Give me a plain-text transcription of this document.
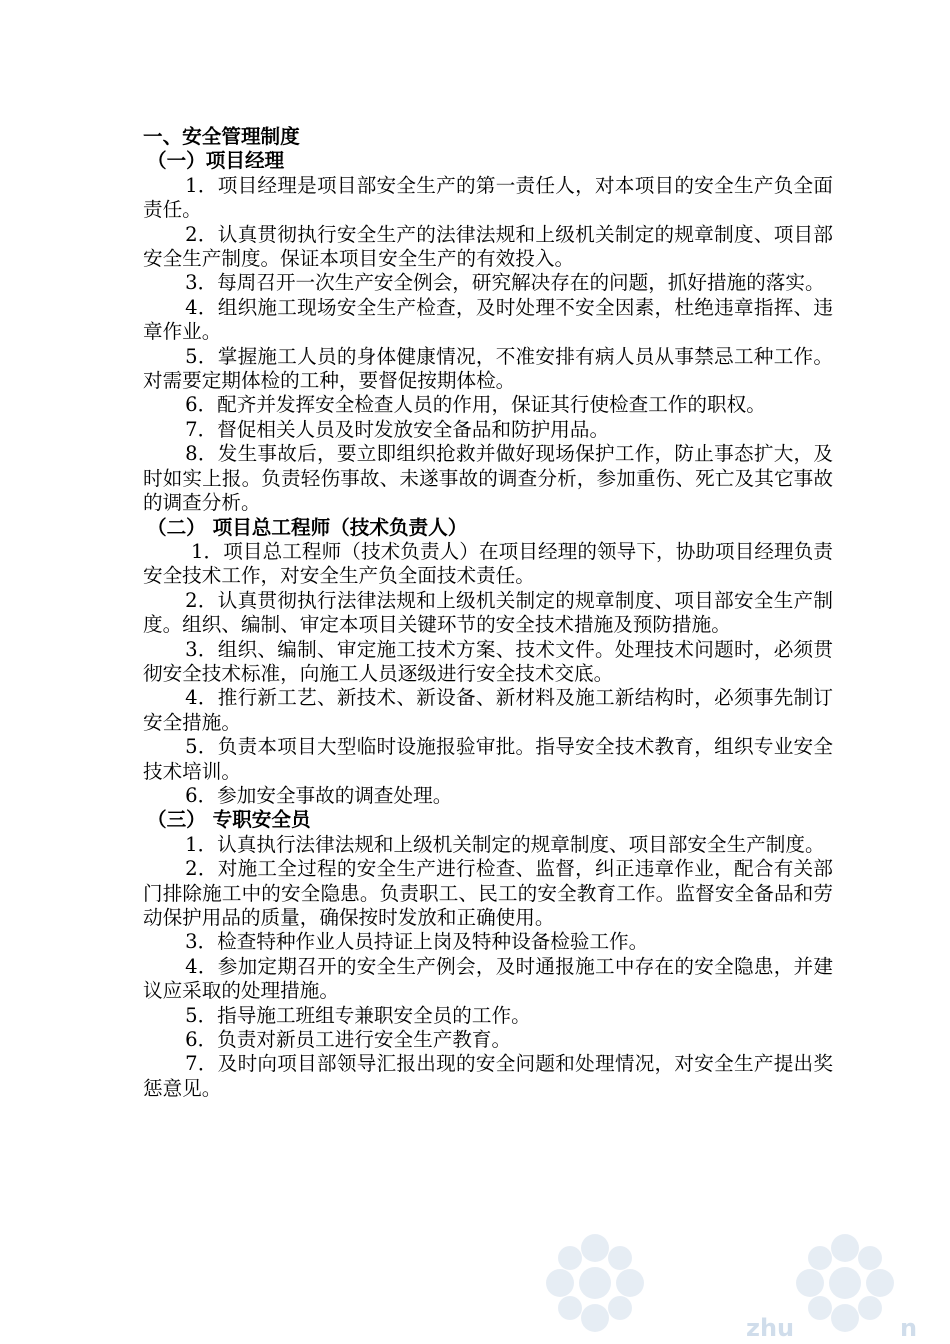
一、安全管理制度
（一）项目经理
1．项目经理是项目部安全生产的第一责任人，对本项目的安全生产负全面责任。
2．认真贯彻执行安全生产的法律法规和上级机关制定的规章制度、项目部安全生产制度。保证本项目安全生产的有效投入。
3．每周召开一次生产安全例会，研究解决存在的问题，抓好措施的落实。
4．组织施工现场安全生产检查，及时处理不安全因素，杜绝违章指挥、违章作业。
5．掌握施工人员的身体健康情况，不准安排有病人员从事禁忌工种工作。对需要定期体检的工种，要督促按期体检。
6．配齐并发挥安全检查人员的作用，保证其行使检查工作的职权。
7．督促相关人员及时发放安全备品和防护用品。
8．发生事故后，要立即组织抢救并做好现场保护工作，防止事态扩大，及时如实上报。负责轻伤事故、未遂事故的调查分析，参加重伤、死亡及其它事故的调查分析。
（二） 项目总工程师（技术负责人）
1．项目总工程师（技术负责人）在项目经理的领导下，协助项目经理负责安全技术工作，对安全生产负全面技术责任。
2．认真贯彻执行法律法规和上级机关制定的规章制度、项目部安全生产制度。组织、编制、审定本项目关键环节的安全技术措施及预防措施。
3．组织、编制、审定施工技术方案、技术文件。处理技术问题时，必须贯彻安全技术标准，向施工人员逐级进行安全技术交底。
4．推行新工艺、新技术、新设备、新材料及施工新结构时，必须事先制订安全措施。
5．负责本项目大型临时设施报验审批。指导安全技术教育，组织专业安全技术培训。
6．参加安全事故的调查处理。
（三） 专职安全员
1．认真执行法律法规和上级机关制定的规章制度、项目部安全生产制度。
2．对施工全过程的安全生产进行检查、监督，纠正违章作业，配合有关部门排除施工中的安全隐患。负责职工、民工的安全教育工作。监督安全备品和劳动保护用品的质量，确保按时发放和正确使用。
3．检查特种作业人员持证上岗及特种设备检验工作。
4．参加定期召开的安全生产例会，及时通报施工中存在的安全隐患，并建议应采取的处理措施。
5．指导施工班组专兼职安全员的工作。
6．负责对新员工进行安全生产教育。
7．及时向项目部领导汇报出现的安全问题和处理情况，对安全生产提出奖惩意见。
zhu	n
